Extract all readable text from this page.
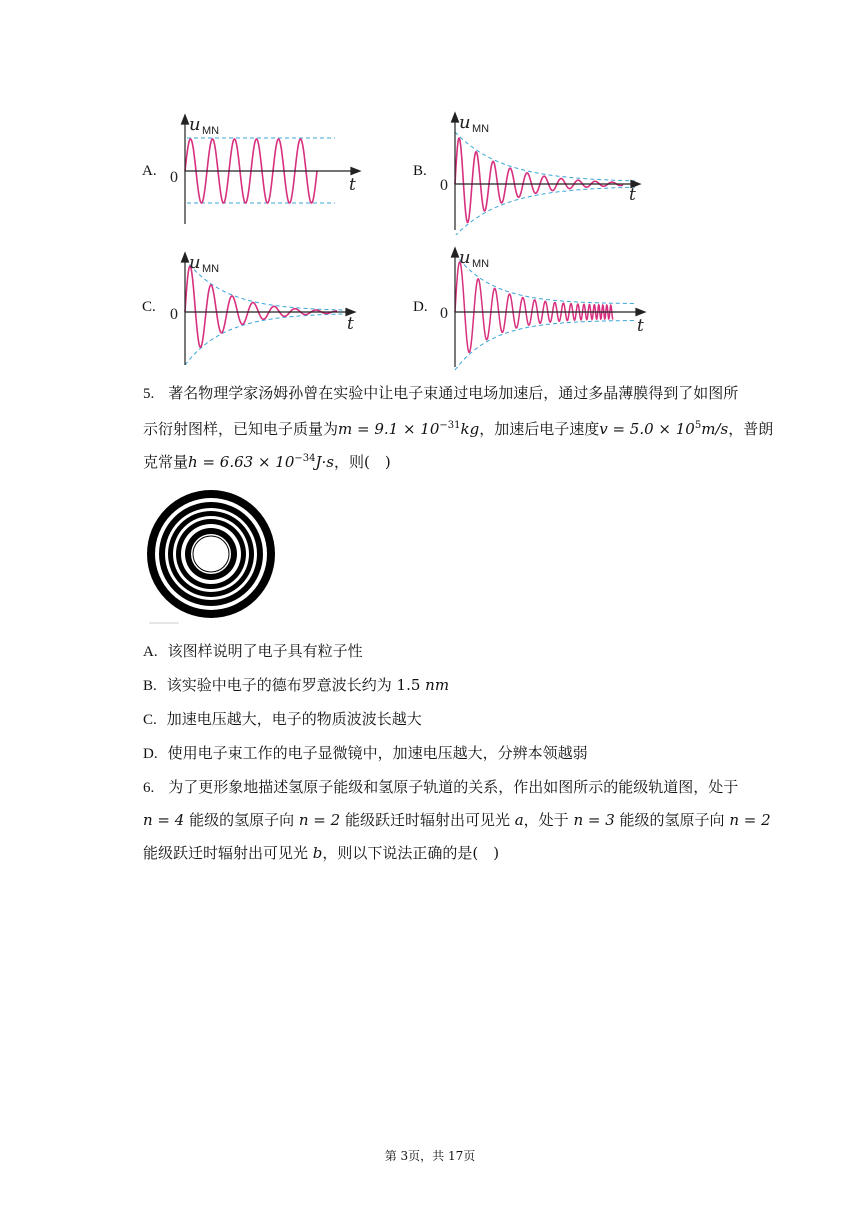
A.
u MN
0	t
B.
u MN
0	t
C.
u MN
0	t
D.
u MN
0
t
5. 著名物理学家汤姆孙曾在实验中让电子束通过电场加速后，通过多晶薄膜得到了如图所
示衍射图样，已知电子质量为$m = 9.1 \times 10^{-31}kg$，加速后电子速度$v = 5.0 \times 10^5m/s$，普朗
克常量$h = 6.63 \times 10^{-34}J\cdot s$，则(　)
A. 该图样说明了电子具有粒子性
B. 该实验中电子的德布罗意波长约为 1.5 nm
C. 加速电压越大，电子的物质波波长越大
D. 使用电子束工作的电子显微镜中，加速电压越大，分辨本领越弱
6. 为了更形象地描述氢原子能级和氢原子轨道的关系，作出如图所示的能级轨道图，处于
n = 4 能级的氢原子向 n = 2 能级跃迁时辐射出可见光 a，处于 n = 3 能级的氢原子向 n = 2
能级跃迁时辐射出可见光 b，则以下说法正确的是(　)
第 3页，共 17页
